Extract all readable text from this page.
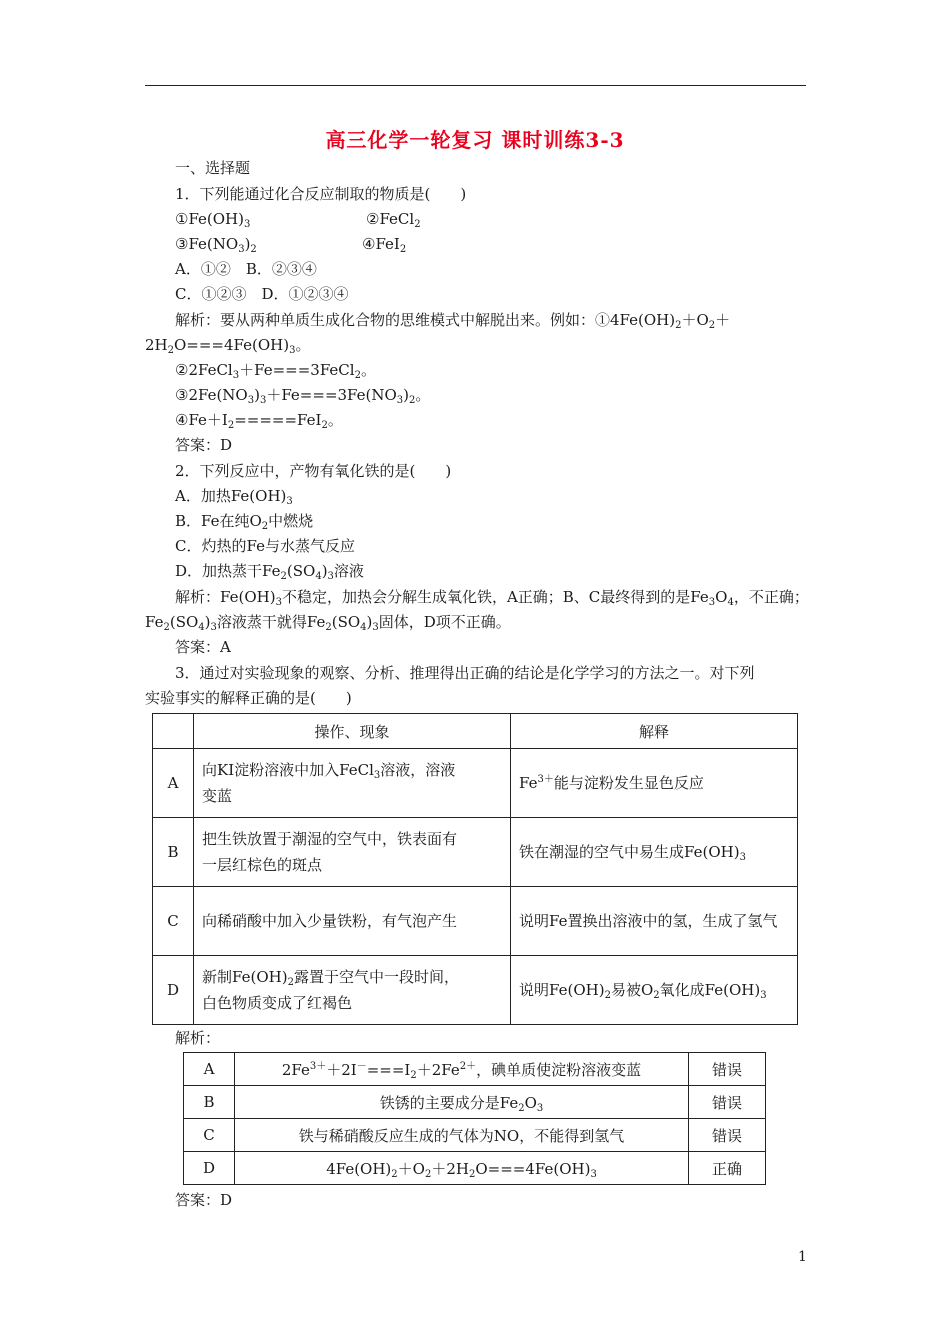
高三化学一轮复习 课时训练3-3
一、选择题
1．下列能通过化合反应制取的物质是(　　)
$①Fe(OH)_3$	②FeCl$_2$
$③Fe(NO_3)_2$	④FeI$_2$
A．①②　B．②③④
C．①②③　D．①②③④
解析：要从两种单质生成化合物的思维模式中解脱出来。例如：$①4Fe(OH)_2+O_2+$
$2H_2O===4Fe(OH)_3$。
②2FeCl$_3$＋Fe===3FeCl$_2$。
$③2Fe(NO_3)_3+Fe===3Fe(NO_3)_2$。
$④Fe+I_2=====FeI_2$。
答案：D
2．下列反应中，产物有氧化铁的是(　　)
A．加热$Fe(OH)_3$
B．Fe在纯$O_2$中燃烧
C．灼热的Fe与水蒸气反应
D．加热蒸干$Fe_2(SO_4)_3$溶液
解析：$Fe(OH)_3$不稳定，加热会分解生成氧化铁，A正确；B、C最终得到的是$Fe_3O_4$，不正确；
$Fe_2(SO_4)_3$溶液蒸干就得$Fe_2(SO_4)_3$固体，D项不正确。
答案：A
3．通过对实验现象的观察、分析、推理得出正确的结论是化学学习的方法之一。对下列
实验事实的解释正确的是(　　)
	操作、现象	解释
A	向KI淀粉溶液中加入FeCl$_3$溶液，溶液
变蓝	$Fe^{3+}$能与淀粉发生显色反应
B	把生铁放置于潮湿的空气中，铁表面有
一层红棕色的斑点	铁在潮湿的空气中易生成$Fe(OH)_3$
C	向稀硝酸中加入少量铁粉，有气泡产生	说明Fe置换出溶液中的氢，生成了氢气
D	新制$Fe(OH)_2$露置于空气中一段时间，
白色物质变成了红褐色	说明$Fe(OH)_2$易被$O_2$氧化成$Fe(OH)_3$
解析：
A	$2Fe^{3+}+2I^-===I_2+2Fe^{2+}$，碘单质使淀粉溶液变蓝	错误
B	铁锈的主要成分是$Fe_2O_3$	错误
C	铁与稀硝酸反应生成的气体为NO，不能得到氢气	错误
D	$4Fe(OH)_2+O_2+2H_2O===4Fe(OH)_3$	正确
答案：D
1
